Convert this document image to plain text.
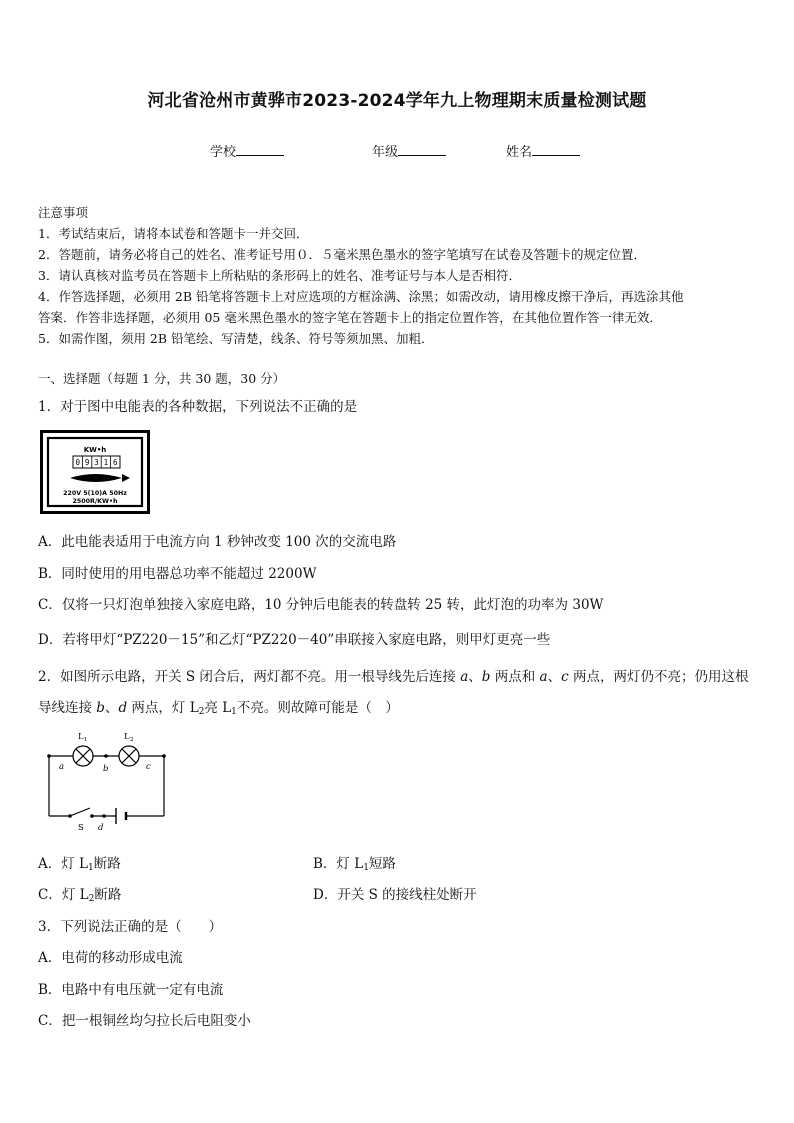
河北省沧州市黄骅市2023-2024学年九上物理期末质量检测试题
学校	年级	姓名
注意事项
1．考试结束后，请将本试卷和答题卡一并交回．
2．答题前，请务必将自己的姓名、准考证号用０．５毫米黑色墨水的签字笔填写在试卷及答题卡的规定位置．
3．请认真核对监考员在答题卡上所粘贴的条形码上的姓名、准考证号与本人是否相符．
4．作答选择题，必须用 2B 铅笔将答题卡上对应选项的方框涂满、涂黑；如需改动，请用橡皮擦干净后，再选涂其他
答案．作答非选择题，必须用 05 毫米黑色墨水的签字笔在答题卡上的指定位置作答，在其他位置作答一律无效．
5．如需作图，须用 2B 铅笔绘、写清楚，线条、符号等须加黑、加粗．
一、选择题（每题 1 分，共 30 题，30 分）
1．对于图中电能表的各种数据，下列说法不正确的是
KW•h
0 9 3 1 6
220V 5(10)A 50Hz
2500R/KW•h
A．此电能表适用于电流方向 1 秒钟改变 100 次的交流电路
B．同时使用的用电器总功率不能超过 2200W
C．仅将一只灯泡单独接入家庭电路，10 分钟后电能表的转盘转 25 转，此灯泡的功率为 30W
D．若将甲灯“PZ220－15”和乙灯“PZ220－40”串联接入家庭电路，则甲灯更亮一些
2．如图所示电路，开关 S 闭合后，两灯都不亮。用一根导线先后连接 a、b 两点和 a、c 两点，两灯仍不亮；仍用这根
导线连接 b、d 两点，灯 $L_2$亮 $L_1$不亮。则故障可能是（　）
L 1	L 2
a	b	c
d
S
A．灯 $L_1$断路	B．灯 $L_1$短路
C．灯 $L_2$断路	D．开关 S 的接线柱处断开
3．下列说法正确的是（　　）
A．电荷的移动形成电流
B．电路中有电压就一定有电流
C．把一根铜丝均匀拉长后电阻变小
